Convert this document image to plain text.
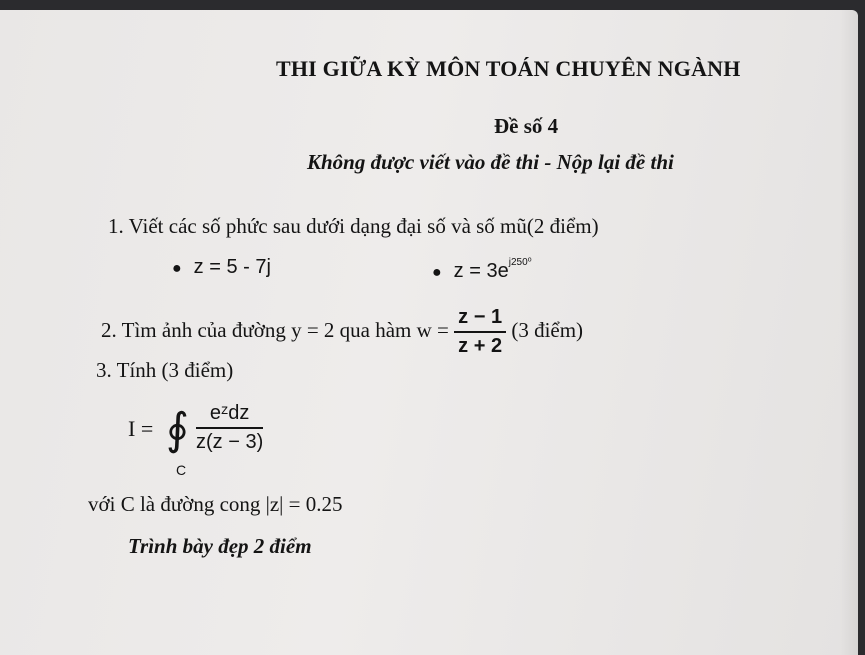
THI GIỮA KỲ MÔN TOÁN CHUYÊN NGÀNH
Đề số 4
Không được viết vào đề thi - Nộp lại đề thi
1. Viết các số phức sau dưới dạng đại số và số mũ(2 điểm)
● z = 5 - 7j	● $z = 3e^{j250^0}$
2. Tìm ảnh của đường y = 2 qua hàm $w = \frac{z - 1}{z + 2} (3$ điểm)
3. Tính (3 điểm)
I = ∮
C
eᶻdz
z(z − 3)
với C là đường cong |z| = 0.25
Trình bày đẹp 2 điểm
